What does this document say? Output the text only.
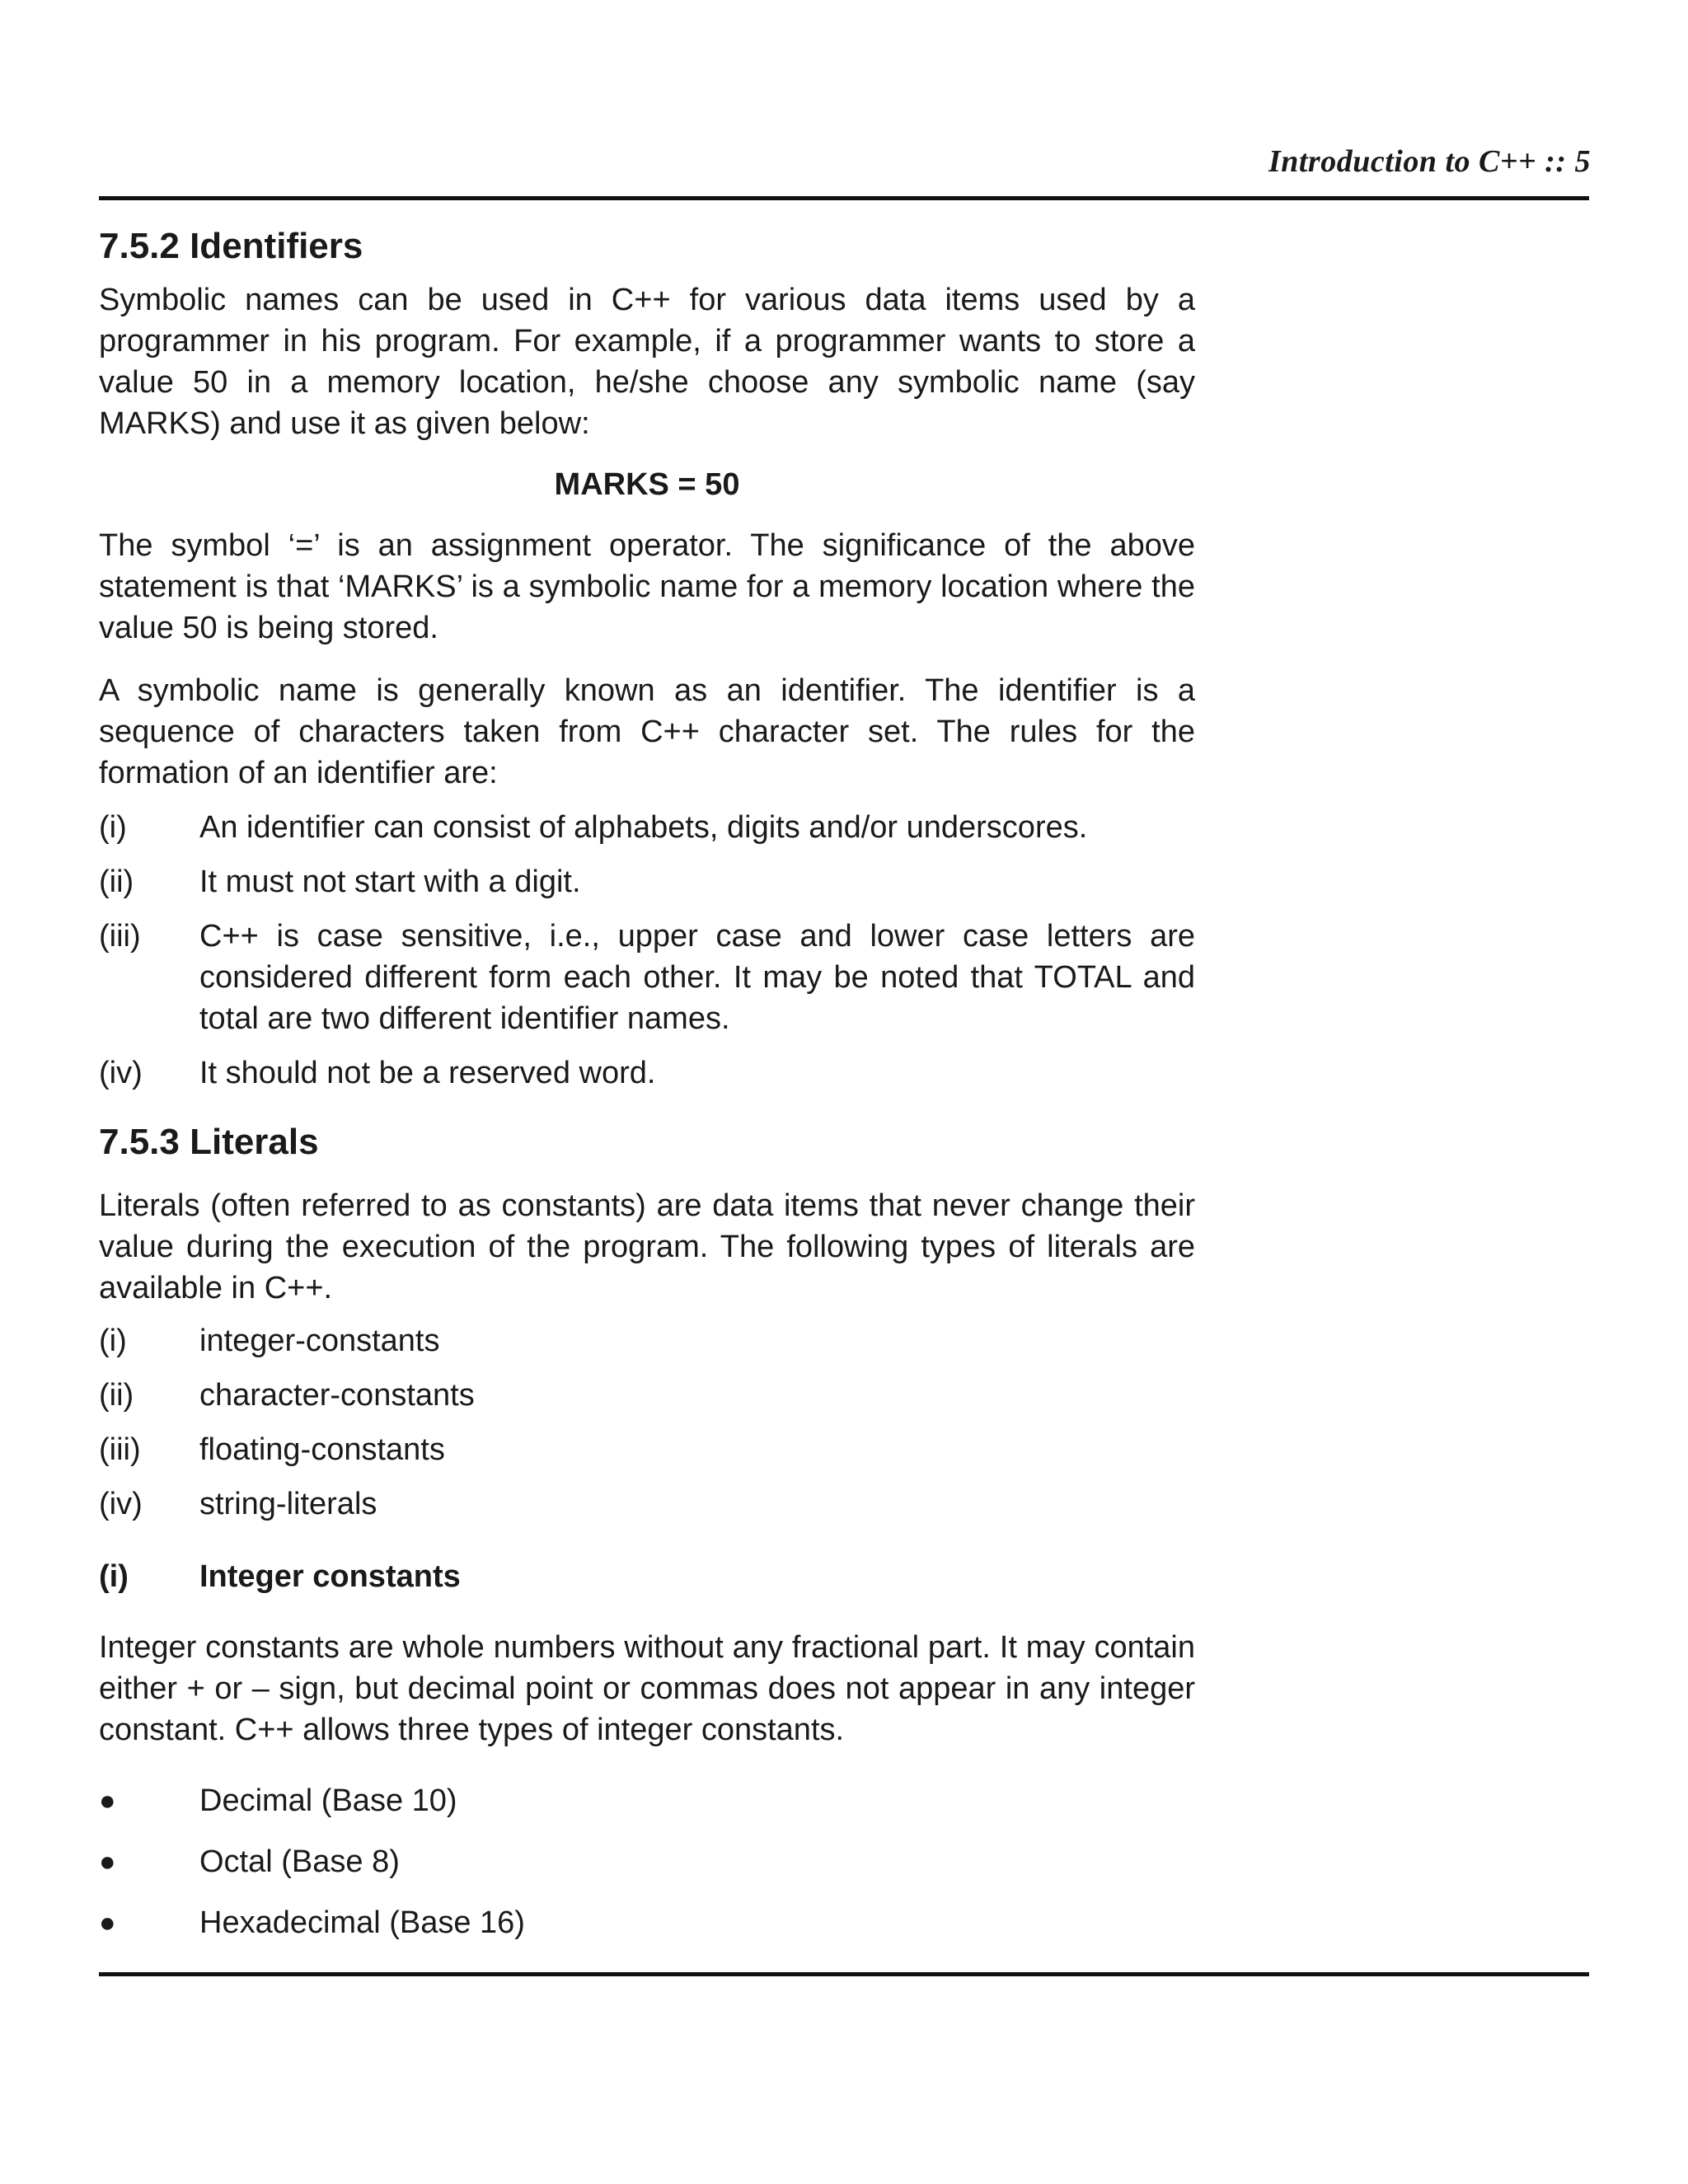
Introduction to C++ :: 5
7.5.2 Identifiers

Symbolic names can be used in C++ for various data items used by a programmer in his program. For example, if a programmer wants to store a value 50 in a memory location, he/she choose any symbolic name (say MARKS) and use it as given below:

MARKS = 50

The symbol ‘=’ is an assignment operator. The significance of the above statement is that ‘MARKS’ is a symbolic name for a memory location where the value 50 is being stored.

A symbolic name is generally known as an identifier. The identifier is a sequence of characters taken from C++ character set. The rules for the formation of an identifier are:

(i)	An identifier can consist of alphabets, digits and/or underscores.
(ii)	It must not start with a digit.
(iii)	C++ is case sensitive, i.e., upper case and lower case letters are considered different form each other. It may be noted that TOTAL and total are two different identifier names.
(iv)	It should not be a reserved word.
7.5.3 Literals

Literals (often referred to as constants) are data items that never change their value during the execution of the program. The following types of literals are available in C++.

(i)	integer-constants
(ii)	character-constants
(iii)	floating-constants
(iv)	string-literals
(i)	Integer constants

Integer constants are whole numbers without any fractional part. It may contain either + or – sign, but decimal point or commas does not appear in any integer constant. C++ allows three types of integer constants.

●	Decimal (Base 10)
●	Octal (Base 8)
●	Hexadecimal (Base 16)
